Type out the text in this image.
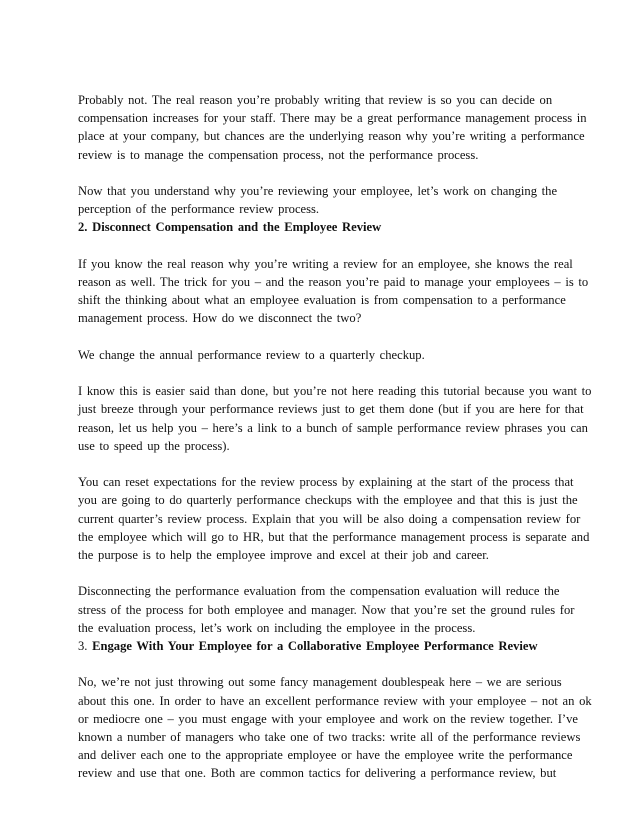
Probably not. The real reason you’re probably writing that review is so you can decide on
compensation increases for your staff. There may be a great performance management process in
place at your company, but chances are the underlying reason why you’re writing a performance
review is to manage the compensation process, not the performance process.
Now that you understand why you’re reviewing your employee, let’s work on changing the
perception of the performance review process.
2. Disconnect Compensation and the Employee Review
If you know the real reason why you’re writing a review for an employee, she knows the real
reason as well. The trick for you – and the reason you’re paid to manage your employees – is to
shift the thinking about what an employee evaluation is from compensation to a performance
management process. How do we disconnect the two?
We change the annual performance review to a quarterly checkup.
I know this is easier said than done, but you’re not here reading this tutorial because you want to
just breeze through your performance reviews just to get them done (but if you are here for that
reason, let us help you – here’s a link to a bunch of sample performance review phrases you can
use to speed up the process).
You can reset expectations for the review process by explaining at the start of the process that
you are going to do quarterly performance checkups with the employee and that this is just the
current quarter’s review process. Explain that you will be also doing a compensation review for
the employee which will go to HR, but that the performance management process is separate and
the purpose is to help the employee improve and excel at their job and career.
Disconnecting the performance evaluation from the compensation evaluation will reduce the
stress of the process for both employee and manager. Now that you’re set the ground rules for
the evaluation process, let’s work on including the employee in the process.
3. Engage With Your Employee for a Collaborative Employee Performance Review
No, we’re not just throwing out some fancy management doublespeak here – we are serious
about this one. In order to have an excellent performance review with your employee – not an ok
or mediocre one – you must engage with your employee and work on the review together. I’ve
known a number of managers who take one of two tracks: write all of the performance reviews
and deliver each one to the appropriate employee or have the employee write the performance
review and use that one. Both are common tactics for delivering a performance review, but
